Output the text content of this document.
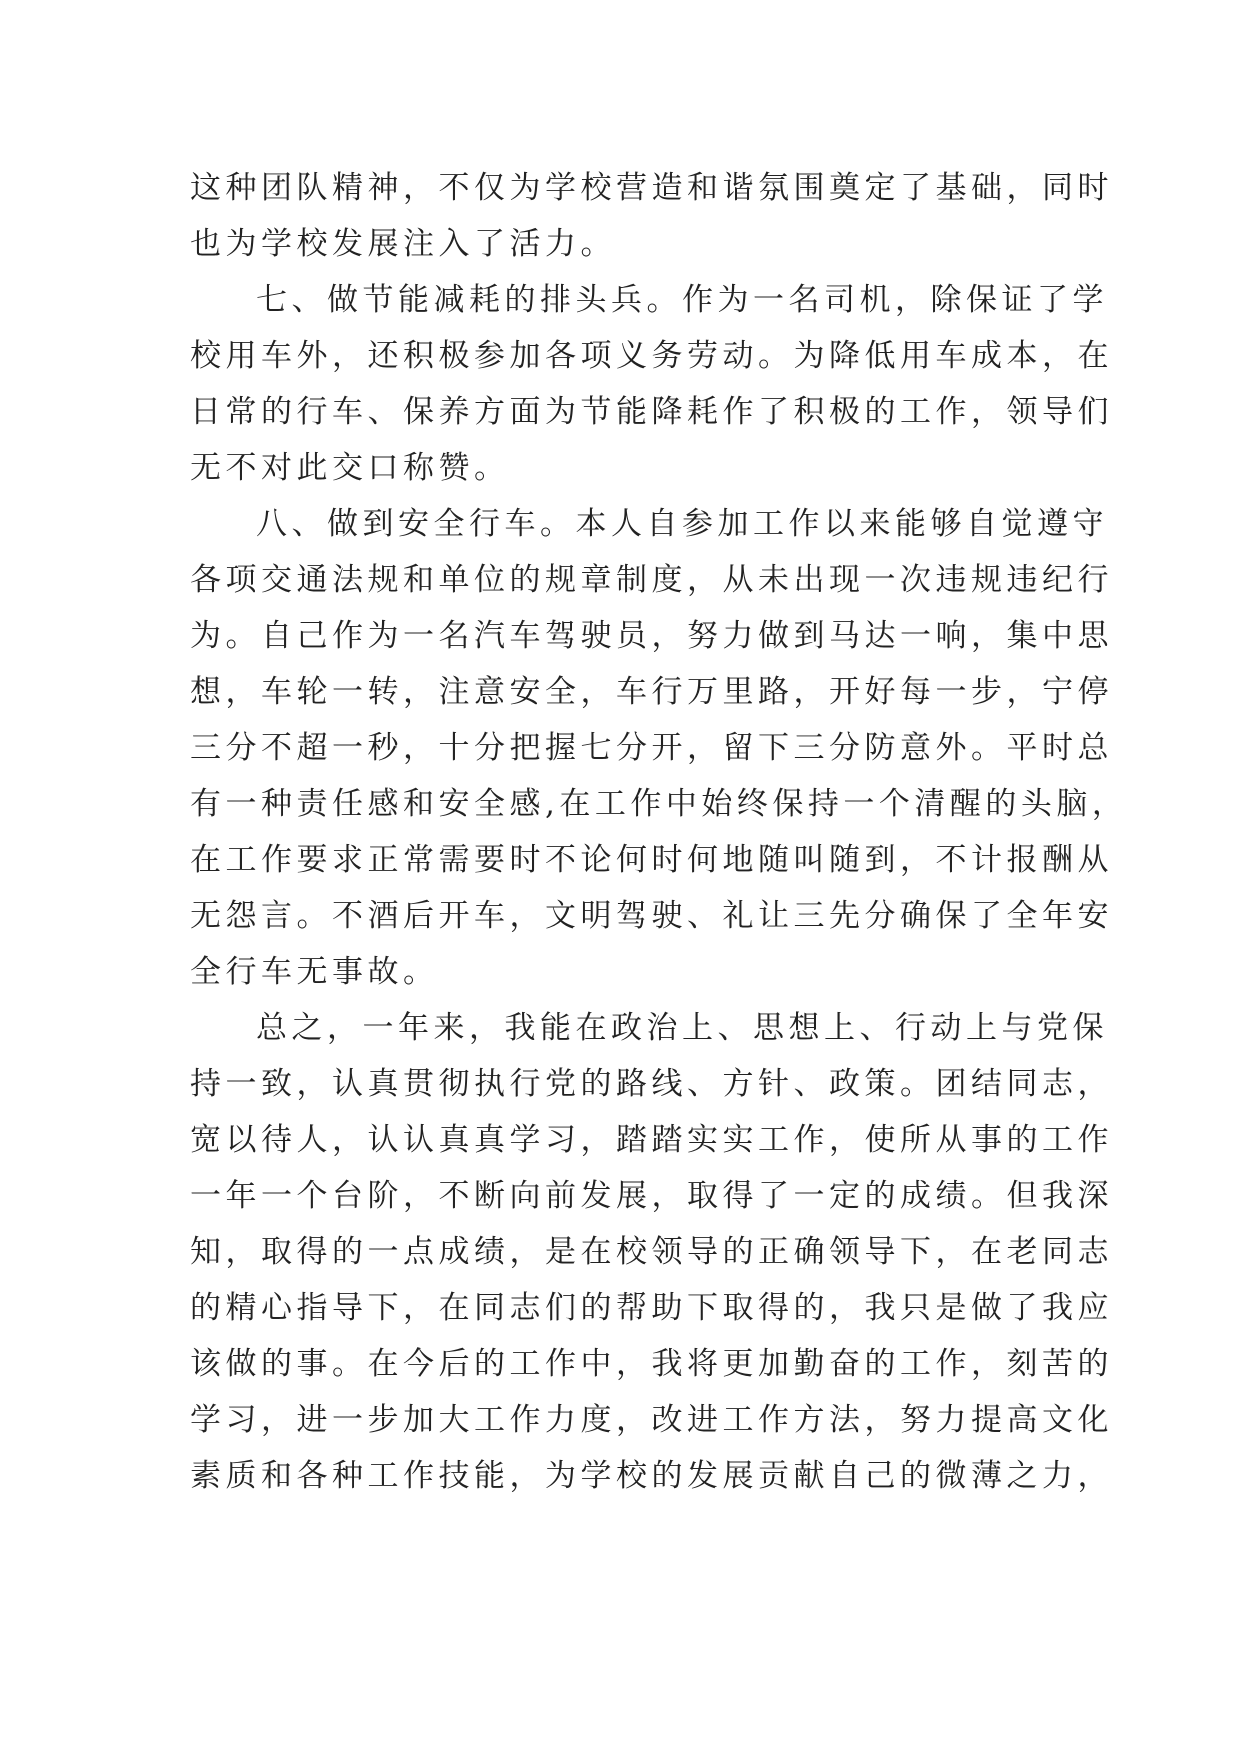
这种团队精神，不仅为学校营造和谐氛围奠定了基础，同时
也为学校发展注入了活力。
七、做节能减耗的排头兵。作为一名司机，除保证了学
校用车外，还积极参加各项义务劳动。为降低用车成本，在
日常的行车、保养方面为节能降耗作了积极的工作，领导们
无不对此交口称赞。
八、做到安全行车。本人自参加工作以来能够自觉遵守
各项交通法规和单位的规章制度，从未出现一次违规违纪行
为。自己作为一名汽车驾驶员，努力做到马达一响，集中思
想，车轮一转，注意安全，车行万里路，开好每一步，宁停
三分不超一秒，十分把握七分开，留下三分防意外。平时总
有一种责任感和安全感,在工作中始终保持一个清醒的头脑，
在工作要求正常需要时不论何时何地随叫随到，不计报酬从
无怨言。不酒后开车，文明驾驶、礼让三先分确保了全年安
全行车无事故。
总之，一年来，我能在政治上、思想上、行动上与党保
持一致，认真贯彻执行党的路线、方针、政策。团结同志，
宽以待人，认认真真学习，踏踏实实工作，使所从事的工作
一年一个台阶，不断向前发展，取得了一定的成绩。但我深
知，取得的一点成绩，是在校领导的正确领导下，在老同志
的精心指导下，在同志们的帮助下取得的，我只是做了我应
该做的事。在今后的工作中，我将更加勤奋的工作，刻苦的
学习，进一步加大工作力度，改进工作方法，努力提高文化
素质和各种工作技能，为学校的发展贡献自己的微薄之力，
